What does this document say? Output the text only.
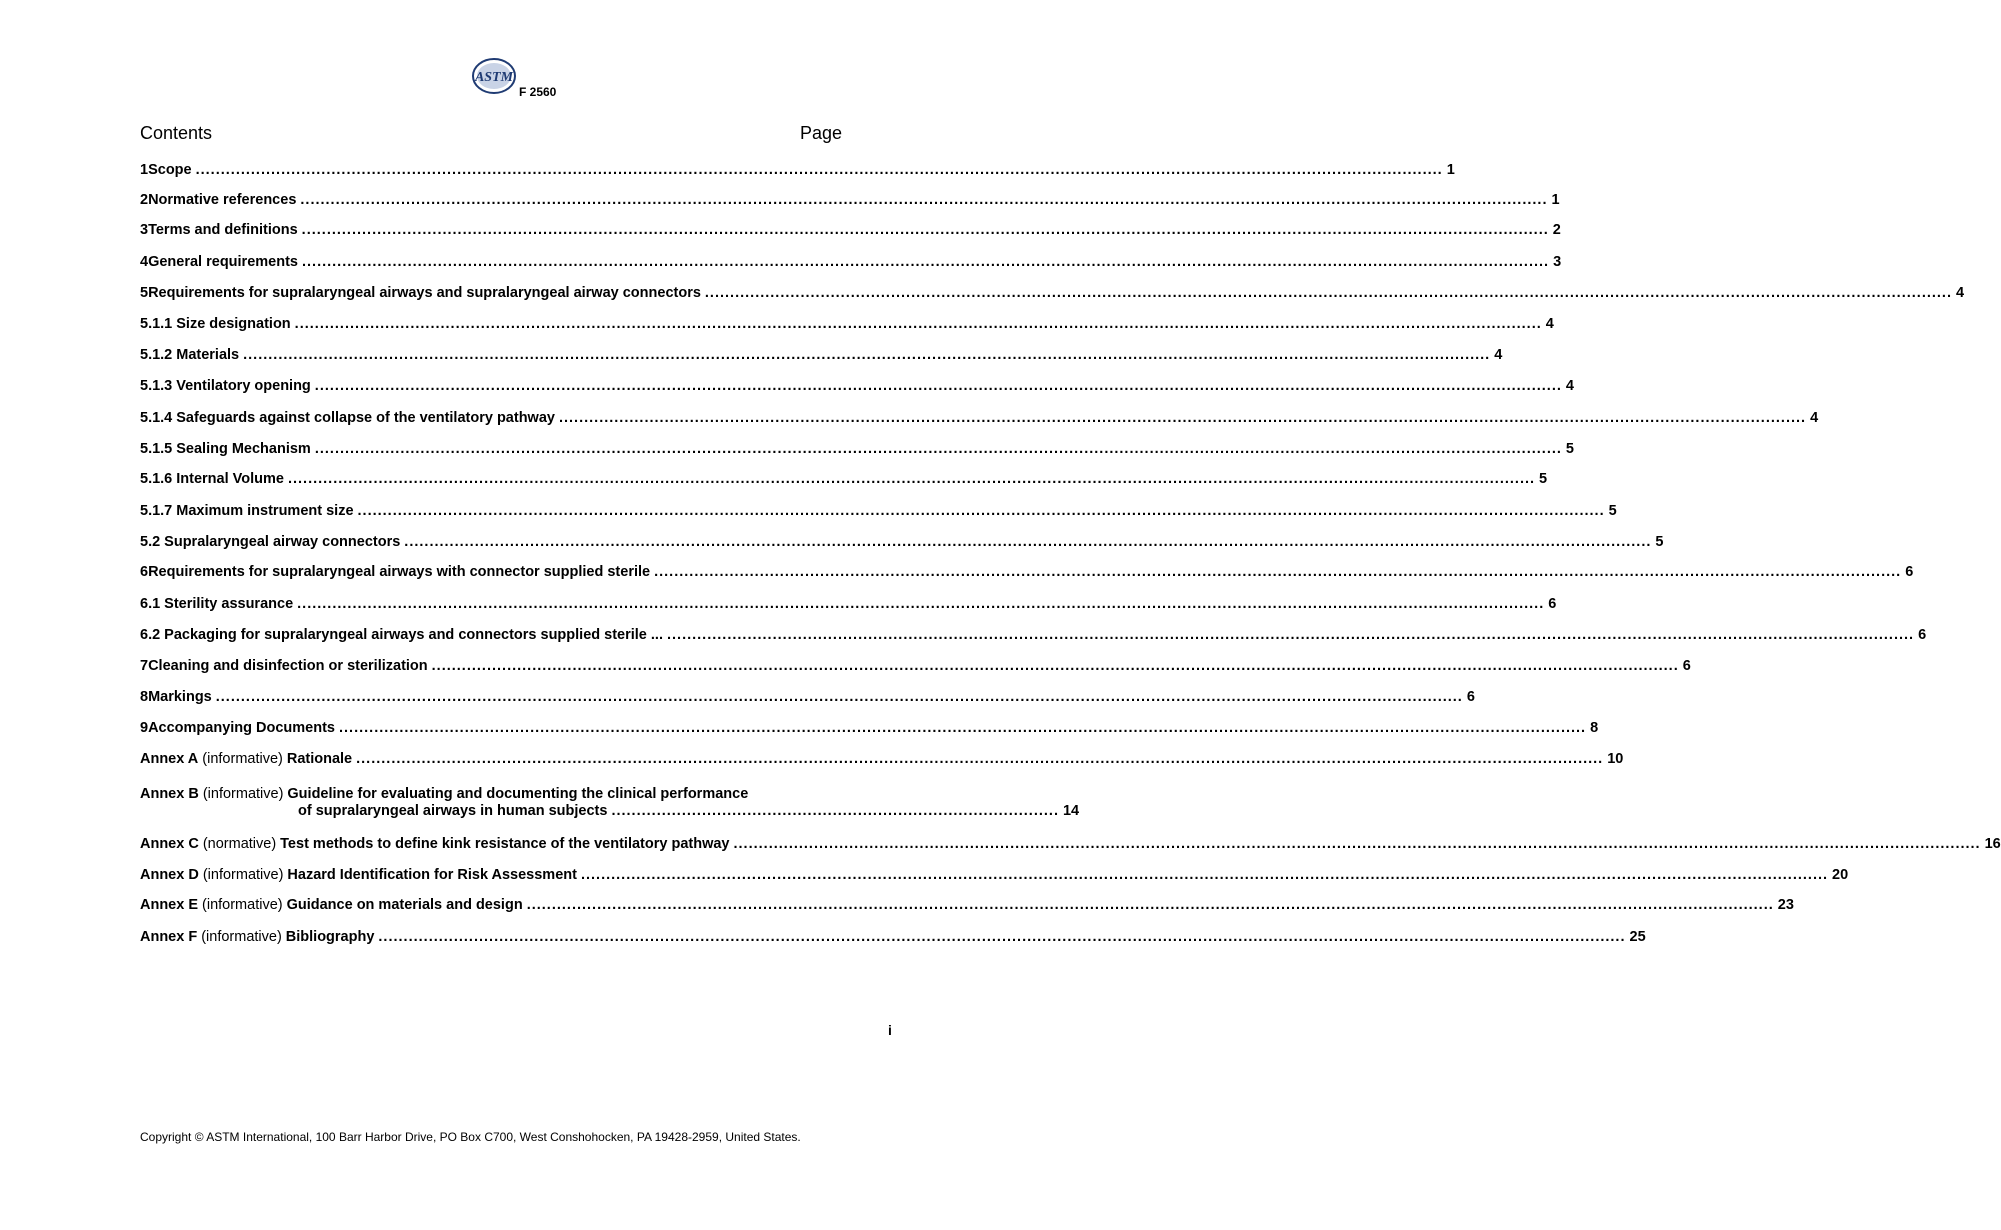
ASTM
F 2560
Contents	Page
1 Scope .....	1
2 Normative references .....	1
3 Terms and definitions .....	2
4 General requirements .....	3
5 Requirements for supralaryngeal airways and supralaryngeal airway connectors .....	4
5.1.1 Size designation .....	4
5.1.2 Materials .....	4
5.1.3 Ventilatory opening .....	4
5.1.4 Safeguards against collapse of the ventilatory pathway .....	4
5.1.5 Sealing Mechanism .....	5
5.1.6 Internal Volume .....	5
5.1.7 Maximum instrument size .....	5
5.2 Supralaryngeal airway connectors .....	5
6 Requirements for supralaryngeal airways with connector supplied sterile .....	6
6.1 Sterility assurance .....	6
6.2 Packaging for supralaryngeal airways and connectors supplied sterile ... .....	6
7 Cleaning and disinfection or sterilization .....	6
8 Markings .....	6
9 Accompanying Documents .....	8
Annex A (informative) Rationale .....	10
Annex B (informative) Guideline for evaluating and documenting the clinical performance
of supralaryngeal airways in human subjects ......................................................................................... 14
Annex C (normative) Test methods to define kink resistance of the ventilatory pathway .....	16
Annex D (informative) Hazard Identification for Risk Assessment .....	20
Annex E (informative) Guidance on materials and design .....	23
Annex F (informative) Bibliography .....	25
i
Copyright © ASTM International, 100 Barr Harbor Drive, PO Box C700, West Conshohocken, PA 19428-2959, United States.
